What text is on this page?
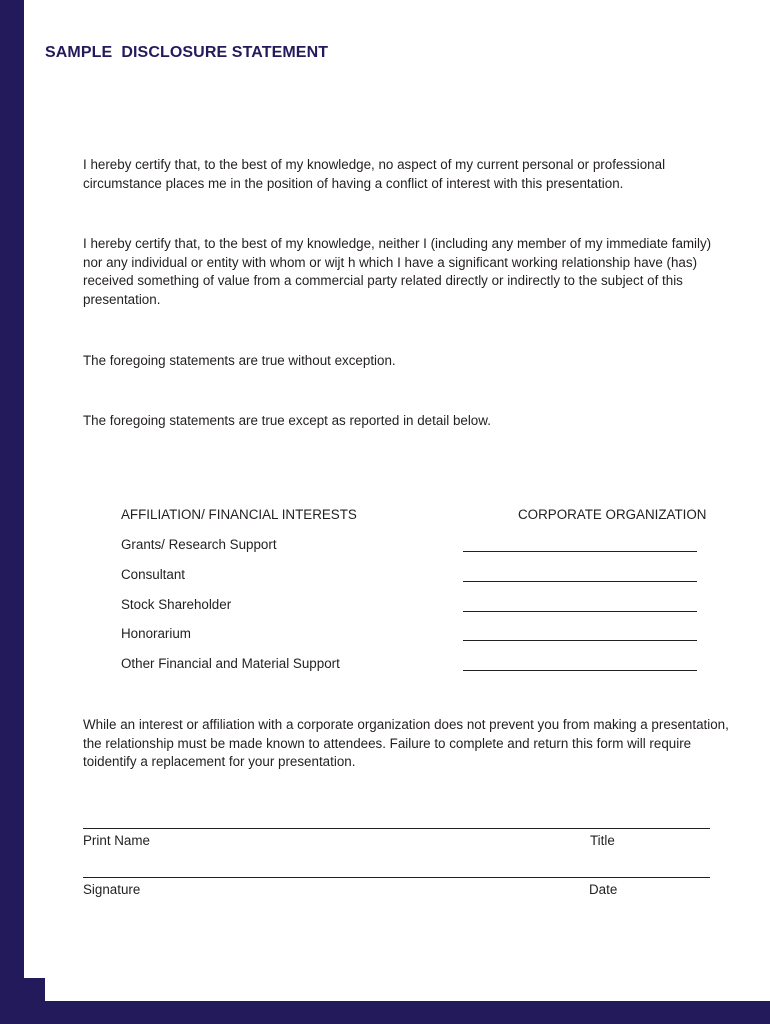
SAMPLE  DISCLOSURE STATEMENT

I hereby certify that, to the best of my knowledge, no aspect of my current personal or professional circumstance places me in the position of having a conflict of interest with this presentation.

I hereby certify that, to the best of my knowledge, neither I (including any member of my immediate family) nor any individual or entity with whom or wijt h which I have a significant working relationship have (has) received something of value from a commercial party related directly or indirectly to the subject of this presentation.

The foregoing statements are true without exception.

The foregoing statements are true except as reported in detail below.

AFFILIATION/ FINANCIAL INTERESTS	CORPORATE ORGANIZATION

Grants/ Research Support

Consultant

Stock Shareholder

Honorarium

Other Financial and Material Support

While an interest or affiliation with a corporate organization does not prevent you from making a presentation, the relationship must be made known to attendees. Failure to complete and return this form will require toidentify a replacement for your presentation.

Print Name	Title

Signature	Date
